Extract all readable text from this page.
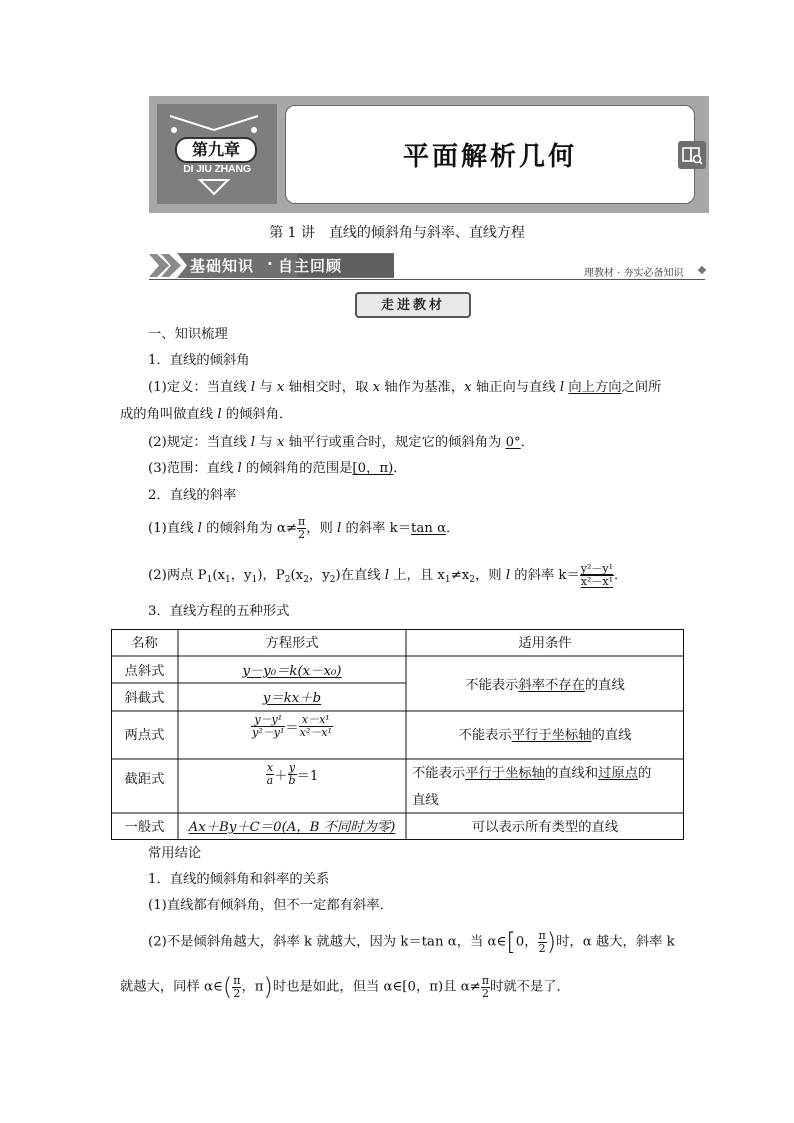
第九章
DI JIU ZHANG	平面解析几何
第 1 讲　直线的倾斜角与斜率、直线方程
基础知识 · 自主回顾	理教材 · 夯实必备知识
走进教材
一、知识梳理
1．直线的倾斜角
(1)定义：当直线 l 与 x 轴相交时，取 x 轴作为基准，x 轴正向与直线 l 向上方向之间所
成的角叫做直线 l 的倾斜角．
(2)规定：当直线 l 与 x 轴平行或重合时，规定它的倾斜角为 0°．
(3)范围：直线 l 的倾斜角的范围是[0，π)．
2．直线的斜率
(1)直线 l 的倾斜角为 $\alpha\ne \frac{\pi}{2}$ ，则 l 的斜率 k＝tan α．
(2)两点 $P_1(x_1$，$y_1$)，$P_2(x_2$，$y_2$)在直线 l 上，且 $x_1\ne x_2$，则 l 的斜率 $k= \frac{\text{y²－y¹}}{\text{x²－x¹}}$ ．
3．直线方程的五种形式
名称	方程形式	适用条件
点斜式	y－y₀＝k(x－x₀)
斜截式	y＝kx＋b
不能表示斜率不存在的直线
两点式	$\frac{\text{y－y¹}}{\text{y²－y¹}} = \frac{\text{x－x¹}}{\text{x²－x¹}}$	不能表示平行于坐标轴的直线
截距式	$\frac{x}{a} + \frac{y}{b} =1$	不能表示平行于坐标轴的直线和过原点的
直线
一般式	Ax＋By＋C＝0(A，B 不同时为零)	可以表示所有类型的直线
常用结论
1．直线的倾斜角和斜率的关系
(1)直线都有倾斜角，但不一定都有斜率．
(2)不是倾斜角越大，斜率 k 就越大，因为 k＝tan α，当 α∈[0， $\frac{\pi}{2}$ )时，α 越大，斜率 k
就越大，同样 α∈( $\frac{\pi}{2}$ ，π)时也是如此，但当 α∈[0，π)且 $\alpha\ne \frac{\pi}{2}$ 时就不是了．
